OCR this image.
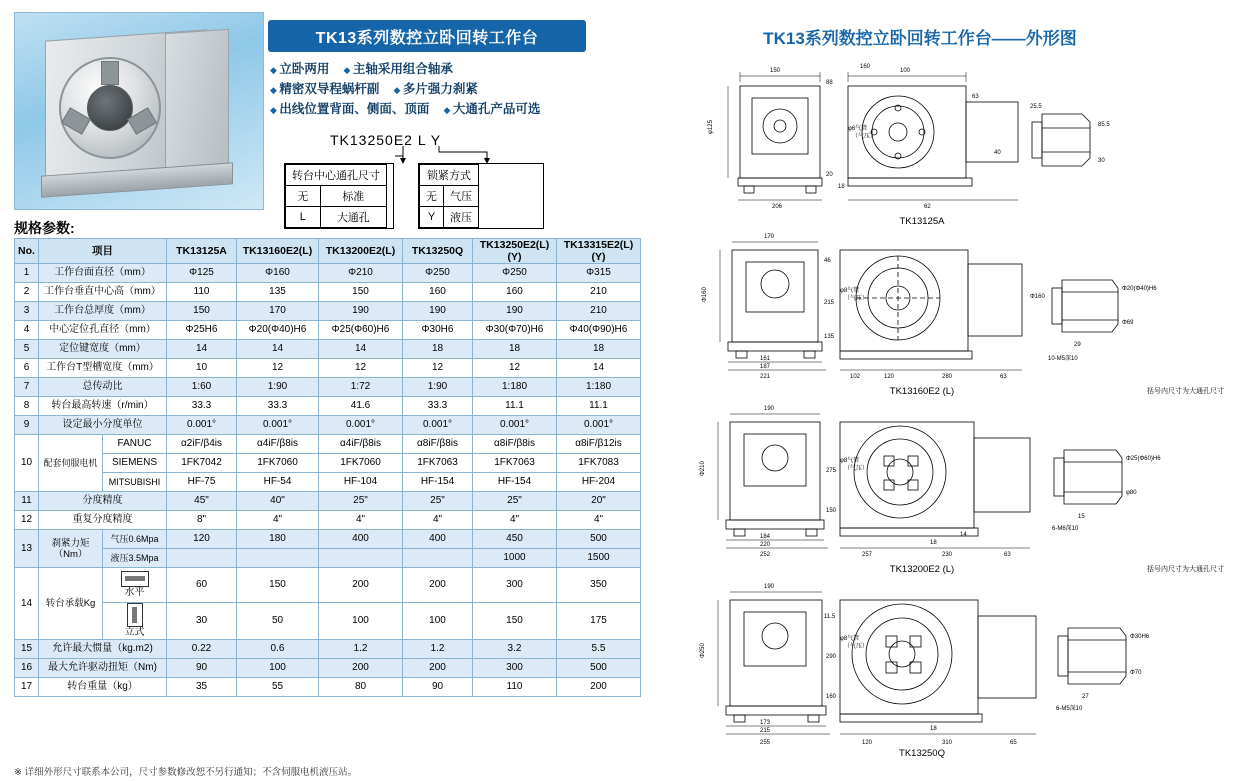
TK13系列数控立卧回转工作台
◆ 立卧两用	◆ 主轴采用组合轴承
◆ 精密双导程蜗杆副	◆ 多片强力刹紧
◆ 出线位置背面、侧面、顶面	◆ 大通孔产品可选
TK13250E2 L Y
转台中心通孔尺寸	
无	标准
L	大通孔
锁紧方式	
无	气压
Y	液压
规格参数:
No.	项目		TK13125A	TK13160E2(L)	TK13200E2(L)	TK13250Q	TK13250E2(L)(Y)	TK13315E2(L)(Y)
1	工作台面直径（mm）		Φ125	Φ160	Φ210	Φ250	Φ250	Φ315
2	工作台垂直中心高（mm）		110	135	150	160	160	210
3	工作台总厚度（mm）		150	170	190	190	190	210
4	中心定位孔直径（mm）		Φ25H6	Φ20(Φ40)H6	Φ25(Φ60)H6	Φ30H6	Φ30(Φ70)H6	Φ40(Φ90)H6
5	定位键宽度（mm）		14	14	14	18	18	18
6	工作台T型槽宽度（mm）		10	12	12	12	12	14
7	总传动比		1:60	1:90	1:72	1:90	1:180	1:180
8	转台最高转速（r/min）		33.3	33.3	41.6	33.3	11.1	11.1
9	设定最小分度单位		0.001°	0.001°	0.001°	0.001°	0.001°	0.001°
10	配套伺服电机	FANUC	α2iF/β4is	α4iF/β8is	α4iF/β8is	α8iF/β8is	α8iF/β8is	α8iF/β12is
		SIEMENS	1FK7042	1FK7060	1FK7060	1FK7063	1FK7063	1FK7083
		MITSUBISHI	HF-75	HF-54	HF-104	HF-154	HF-154	HF-204
11	分度精度		45"	40"	25"	25"	25"	20"
12	重复分度精度		8"	4"	4"	4"	4"	4"
13	刹紧力矩（Nm）	气压0.6Mpa	120	180	400	400	450	500
		液压3.5Mpa					1000	1500
14	转台承载Kg	水平	60	150	200	200	300	350

立式	30	50	100	100	150	175
15	允许最大惯量（kg.m2)		0.22	0.6	1.2	1.2	3.2	5.5
16	最大允许驱动扭矩（Nm)		90	100	200	200	300	500
17	转台重量（kg）		35	55	80	90	110	200
※ 详细外形尺寸联系本公司，尺寸参数修改恕不另行通知；不含伺服电机液压站。
TK13系列数控立卧回转工作台——外形图
150	100
206	62
φ125
88
63
40
25.5
20
160
18
85.5
30
φ6气管
（气压）
TK13125A
170
161
187
221
Φ160
46
215
135
102	120	280	63
Φ20(Φ40)H6
Φ69
29
10-M5深10
Φ160
φ8气管
（气压）
TK13160E2 (L)	括号内尺寸为大通孔尺寸
190
184
220
252
Φ210	275
150
257	230	63
14
18
Φ25(Φ60)H6
φ80
15
6-M6深10
φ8气管
（气压）
TK13200E2 (L)	括号内尺寸为大通孔尺寸
190
173
215
255
Φ250
11.5
290
160
120
18
310	65
Φ30H6
Φ70
27
6-M5深10
φ8气管
（气压）
TK13250Q
